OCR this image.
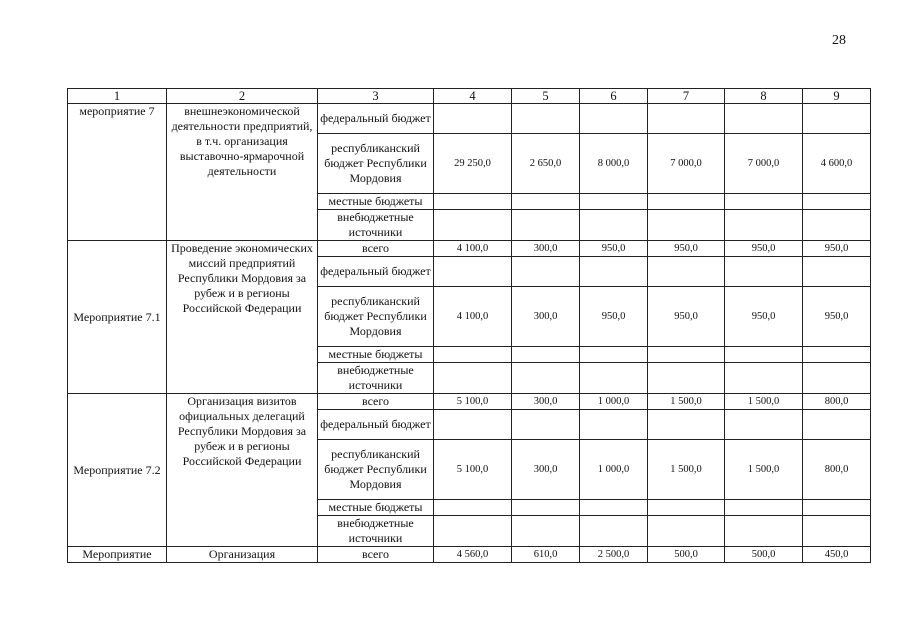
28
1	2	3	4	5	6	7	8	9
мероприятие 7	внешнеэкономической деятельности предприятий, в т.ч. организация выставочно-ярмарочной деятельности	федеральный бюджет						
		республиканский бюджет Республики Мордовия	29 250,0	2 650,0	8 000,0	7 000,0	7 000,0	4 600,0
		местные бюджеты						
		внебюджетные источники						
Мероприятие 7.1	Проведение экономических миссий предприятий Республики Мордовия за рубеж и в регионы Российской Федерации	всего	4 100,0	300,0	950,0	950,0	950,0	950,0
		федеральный бюджет						
		республиканский бюджет Республики Мордовия	4 100,0	300,0	950,0	950,0	950,0	950,0
		местные бюджеты						
		внебюджетные источники						
Мероприятие 7.2	Организация визитов официальных делегаций Республики Мордовия за рубеж и в регионы Российской Федерации	всего	5 100,0	300,0	1 000,0	1 500,0	1 500,0	800,0
		федеральный бюджет						
		республиканский бюджет Республики Мордовия	5 100,0	300,0	1 000,0	1 500,0	1 500,0	800,0
		местные бюджеты						
		внебюджетные источники						
Мероприятие	Организация	всего	4 560,0	610,0	2 500,0	500,0	500,0	450,0
